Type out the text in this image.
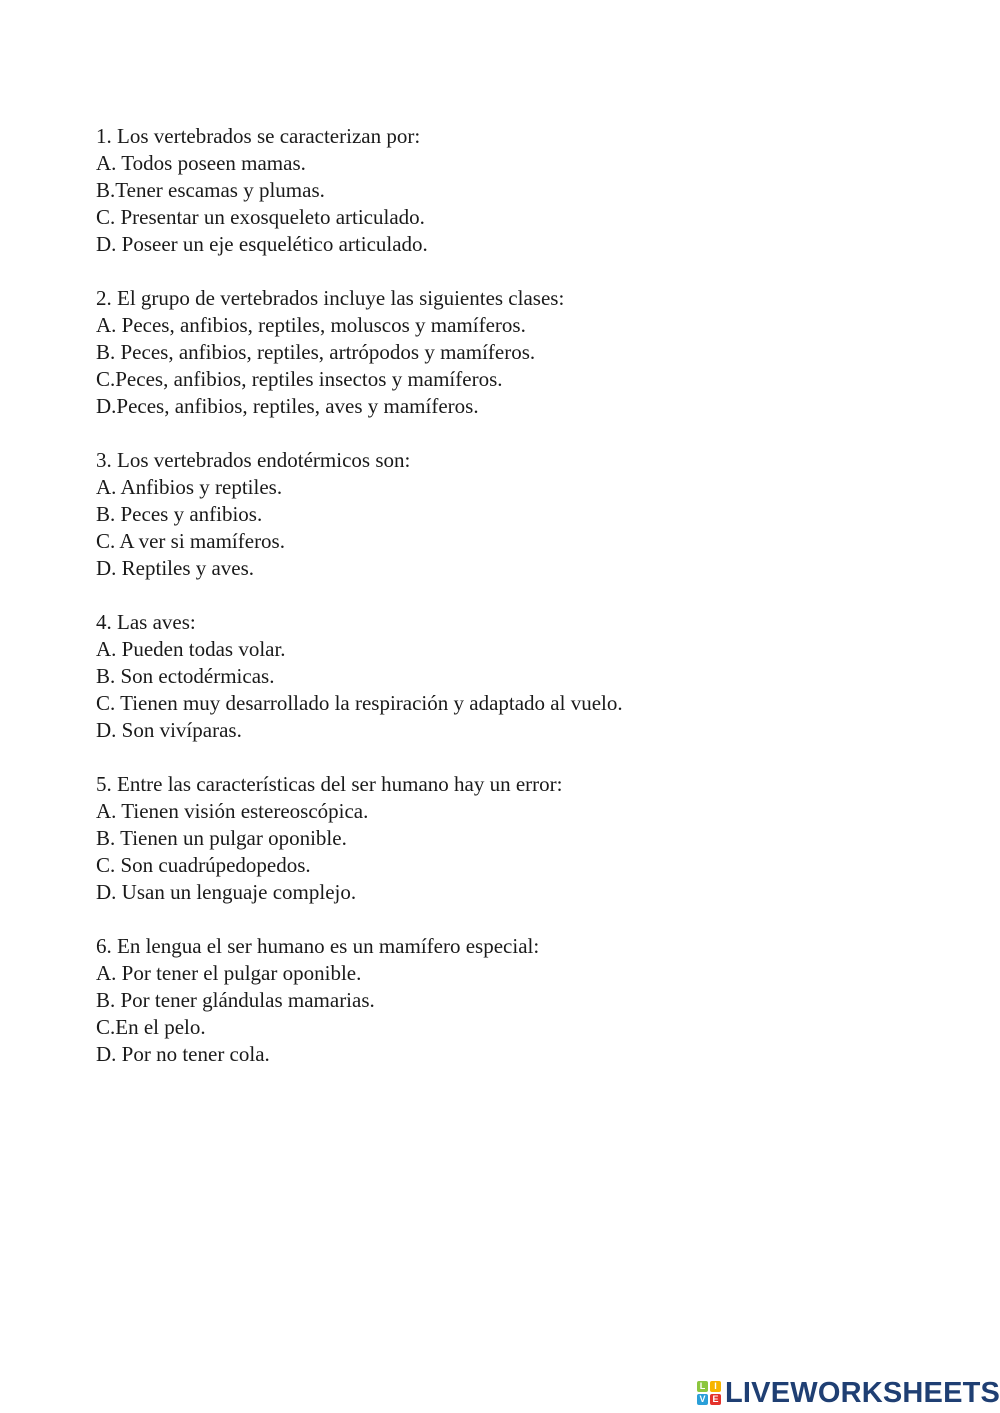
1. Los vertebrados se caracterizan por:
A. Todos poseen mamas.
B.Tener escamas y plumas.
C. Presentar un exosqueleto articulado.
D. Poseer un eje esquelético articulado.
2. El grupo de vertebrados incluye las siguientes clases:
A. Peces, anfibios, reptiles, moluscos y mamíferos.
B. Peces, anfibios, reptiles, artrópodos y mamíferos.
C.Peces, anfibios, reptiles insectos y mamíferos.
D.Peces, anfibios, reptiles, aves y mamíferos.
3. Los vertebrados endotérmicos son:
A. Anfibios y reptiles.
B. Peces y anfibios.
C. A ver si mamíferos.
D. Reptiles y aves.
4. Las aves:
A. Pueden todas volar.
B. Son ectodérmicas.
C. Tienen muy desarrollado la respiración y adaptado al vuelo.
D. Son vivíparas.
5. Entre las características del ser humano hay un error:
A. Tienen visión estereoscópica.
B. Tienen un pulgar oponible.
C. Son cuadrúpedopedos.
D. Usan un lenguaje complejo.
6. En lengua el ser humano es un mamífero especial:
A. Por tener el pulgar oponible.
B. Por tener glándulas mamarias.
C.En el pelo.
D. Por no tener cola.
L I
V E LIVEWORKSHEETS
